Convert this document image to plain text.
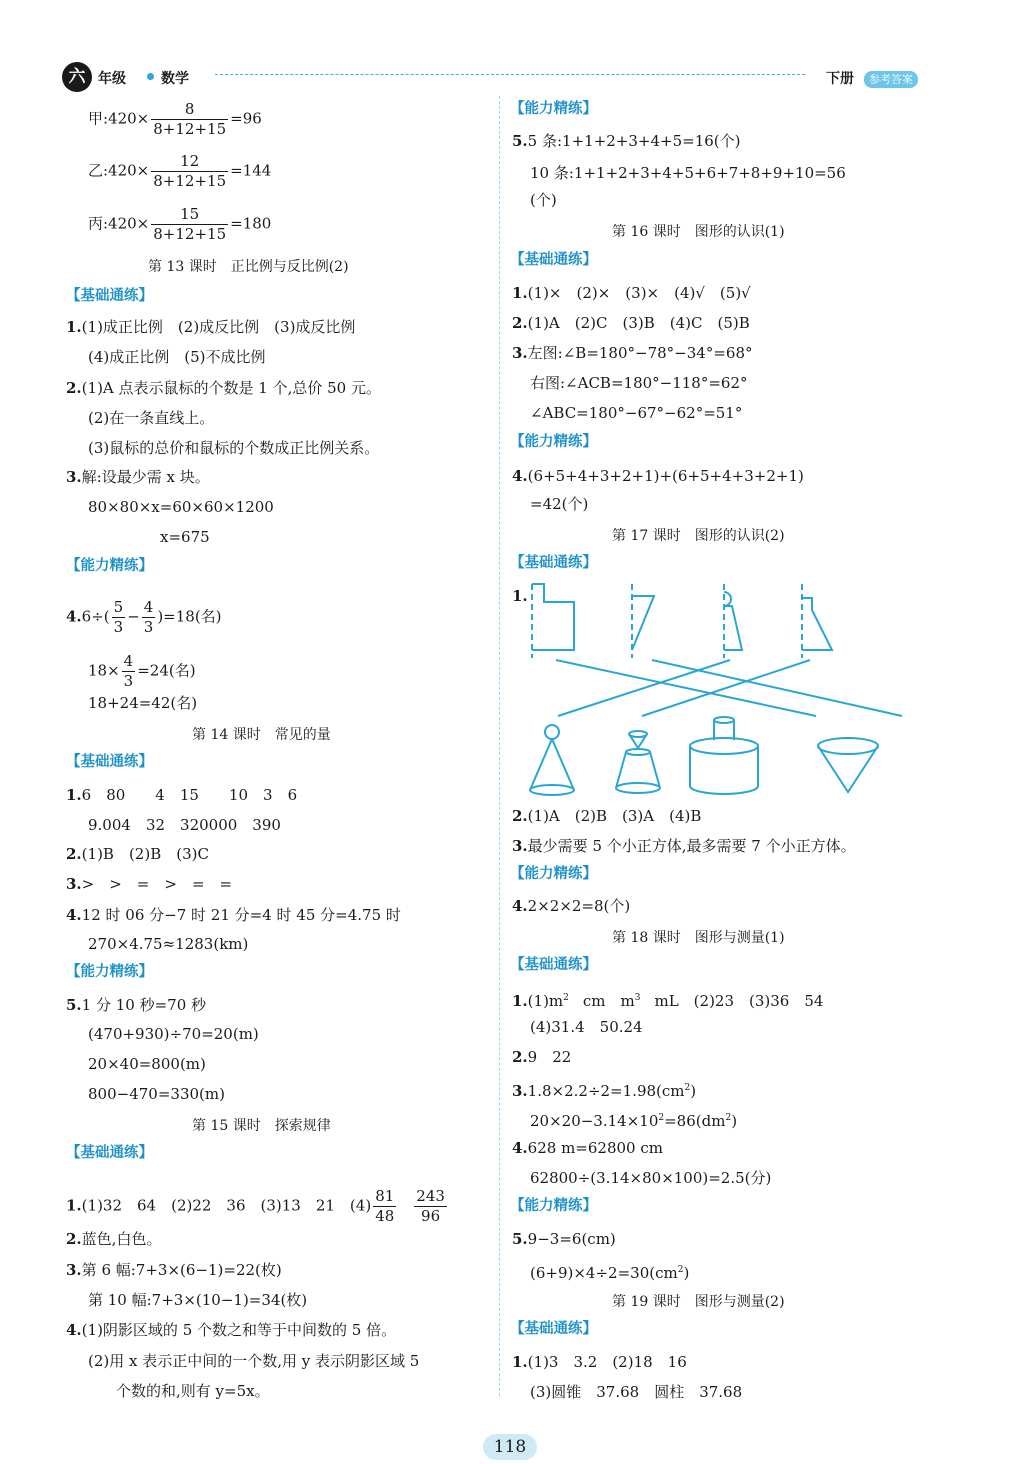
六 年级	数学	下册	参考答案
甲:420× $\frac{8}{8+12+15} =96$
乙:420× $\frac{12}{8+12+15} =144$
丙:420× $\frac{15}{8+12+15} =180$
第 13 课时　正比例与反比例(2)
【基础通练】
1.(1)成正比例　(2)成反比例　(3)成反比例
(4)成正比例　(5)不成比例
2.(1)A 点表示鼠标的个数是 1 个,总价 50 元。
(2)在一条直线上。
(3)鼠标的总价和鼠标的个数成正比例关系。
3.解:设最少需 x 块。
80×80×x=60×60×1200
x=675
【能力精练】
$4.6\div( \frac{5}{3} - \frac{4}{3} )=18$(名)
$18\times \frac{4}{3} =24$(名)
18+24=42(名)
第 14 课时　常见的量
【基础通练】
1.6　80　　4　15　　10　3　6
9.004　32　320000　390
2.(1)B　(2)B　(3)C
3.>　>　=　>　=　=
4.12 时 06 分−7 时 21 分=4 时 45 分=4.75 时
270×4.75≈1283(km)
【能力精练】
5.1 分 10 秒=70 秒
(470+930)÷70=20(m)
20×40=800(m)
800−470=330(m)
第 15 课时　探索规律
【基础通练】
1.(1)32　64　(2)22　36　(3)13　21　$(4) \frac{81}{48} \frac{243}{96}$
2.蓝色,白色。
3.第 6 幅:7+3×(6−1)=22(枚)
第 10 幅:7+3×(10−1)=34(枚)
4.(1)阴影区域的 5 个数之和等于中间数的 5 倍。
(2)用 x 表示正中间的一个数,用 y 表示阴影区域 5
个数的和,则有 y=5x。
【能力精练】
5.5 条:1+1+2+3+4+5=16(个)
10 条:1+1+2+3+4+5+6+7+8+9+10=56
(个)
第 16 课时　图形的认识(1)
【基础通练】
1.(1)×　(2)×　(3)×　(4)√　(5)√
2.(1)A　(2)C　(3)B　(4)C　(5)B
3.左图:∠B=180°−78°−34°=68°
右图:∠ACB=180°−118°=62°
∠ABC=180°−67°−62°=51°
【能力精练】
4.(6+5+4+3+2+1)+(6+5+4+3+2+1)
=42(个)
第 17 课时　图形的认识(2)
【基础通练】
1.
2.(1)A　(2)B　(3)A　(4)B
3.最少需要 5 个小正方体,最多需要 7 个小正方体。
【能力精练】
4.2×2×2=8(个)
第 18 课时　图形与测量(1)
【基础通练】
$1.(1)m^2$ cm　$m^3$ mL　(2)23　(3)36　54
(4)31.4　50.24
2.9　22
$3.1.8\times 2.2\div 2=1.98(cm^2)$
$20\times 20-3.14\times 10^2=86(dm^2)$
4.628 m=62800 cm
62800÷(3.14×80×100)=2.5(分)
【能力精练】
5.9−3=6(cm)
$(6+9)\times 4\div 2=30(cm^2)$
第 19 课时　图形与测量(2)
【基础通练】
1.(1)3　3.2　(2)18　16
(3)圆锥　37.68　圆柱　37.68
118
